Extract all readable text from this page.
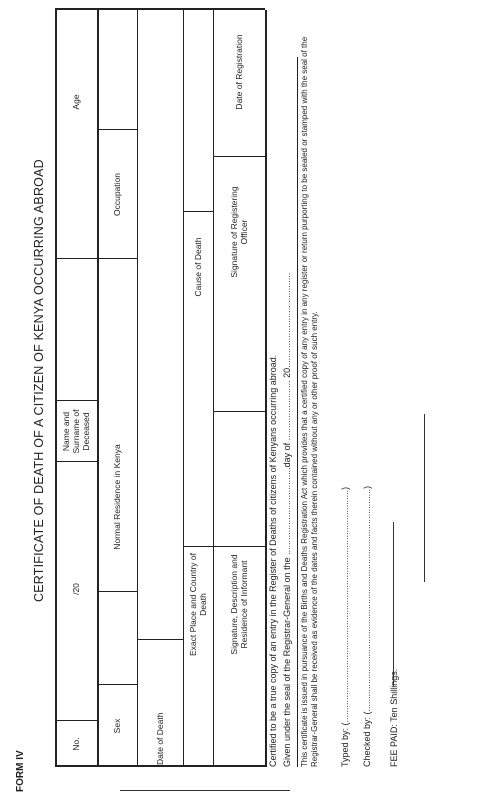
FORM IV
CERTIFICATE OF DEATH OF A CITIZEN OF KENYA OCCURRING ABROAD
No.
/20
Name and Surname of Deceased
Age
Sex
Normal Residence in Kenya
Occupation
Date of Death
Exact Place and Country of Death
Cause of Death
Signature, Description and Residence of Informant
Signature of Registering Officer
Date of Registration
Certified to be a true copy of an entry in the Register of Deaths of citizens of Kenyans occurring abroad. Given under the seal of the Registrar-General on the ...................................day of ........................ 20...................................... This certificate is issued in pursuance of the Births and Deaths Registration Act which provides that a certified copy of any entry in any register or return purporting to be sealed or stamped with the seal of the Registrar-General shall be received as evidence of the dates and facts therein contained without any or other proof of such entry. Typed by: (.............................................................................................) Checked by: (.........................................................................................) FEE PAID: Ten Shillings.
